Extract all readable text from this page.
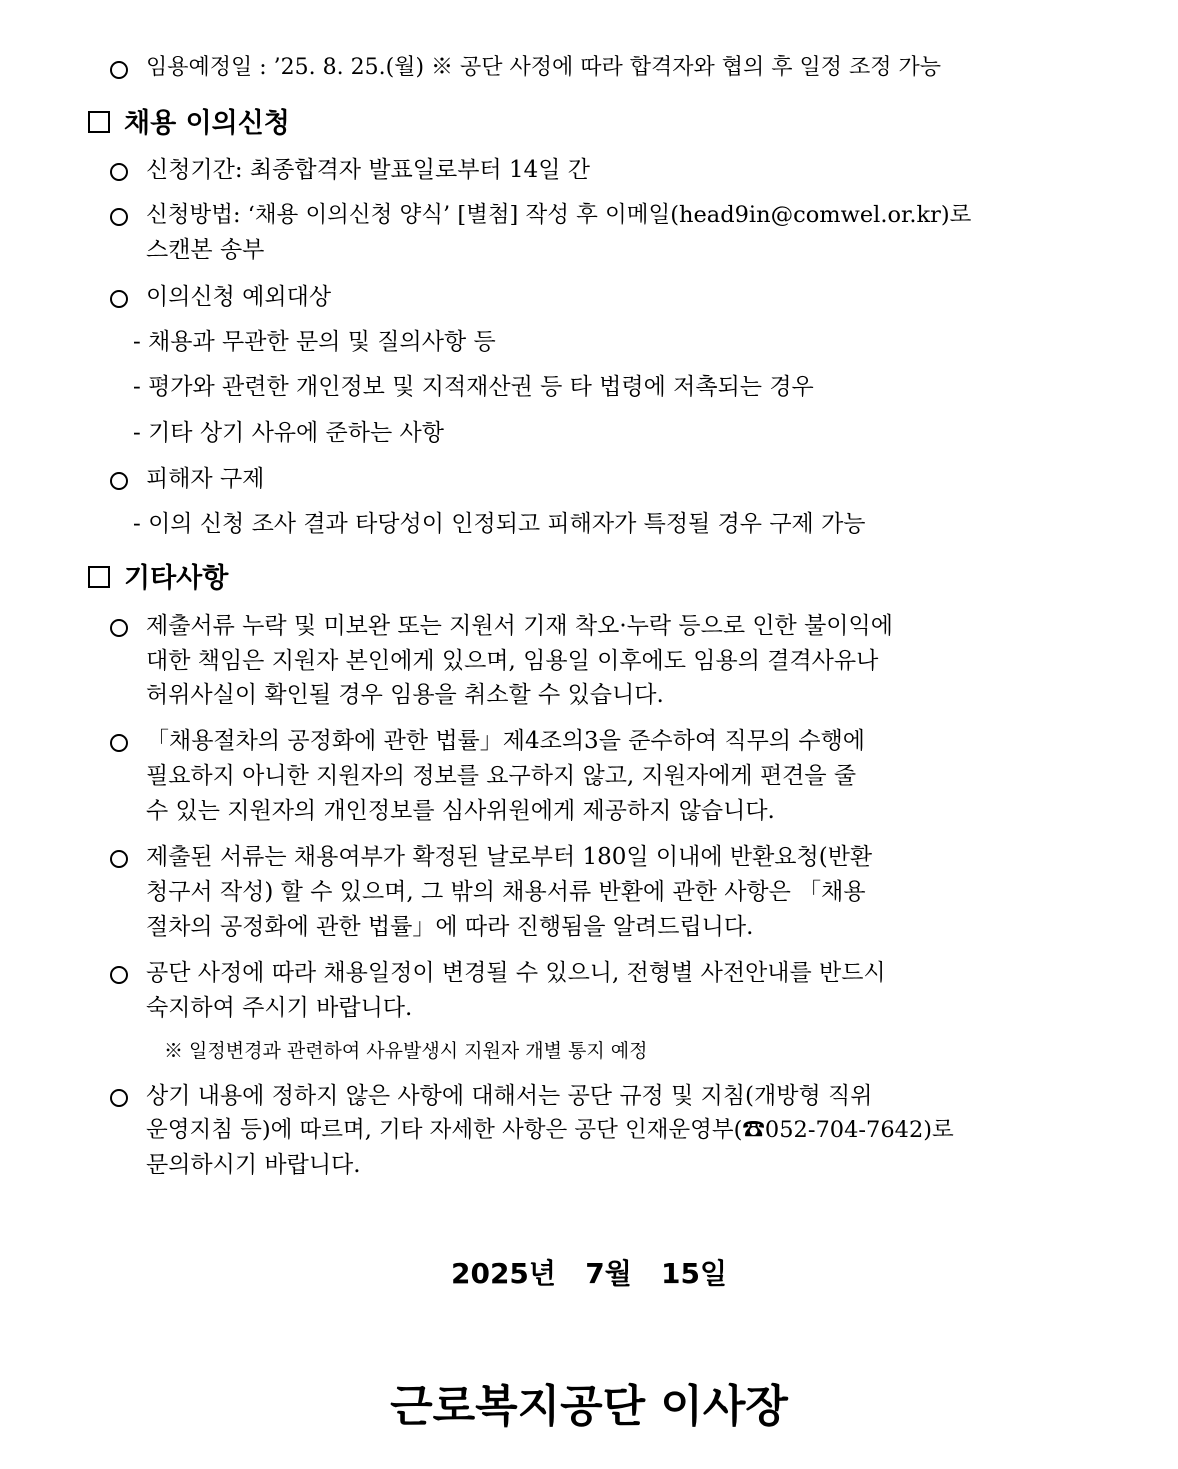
임용예정일 : ’25. 8. 25.(월) ※ 공단 사정에 따라 합격자와 협의 후 일정 조정 가능
채용 이의신청
신청기간: 최종합격자 발표일로부터 14일 간
신청방법: ‘채용 이의신청 양식’ [별첨] 작성 후 이메일(head9in@comwel.or.kr)로
스캔본 송부
이의신청 예외대상
- 채용과 무관한 문의 및 질의사항 등
- 평가와 관련한 개인정보 및 지적재산권 등 타 법령에 저촉되는 경우
- 기타 상기 사유에 준하는 사항
피해자 구제
- 이의 신청 조사 결과 타당성이 인정되고 피해자가 특정될 경우 구제 가능
기타사항
제출서류 누락 및 미보완 또는 지원서 기재 착오·누락 등으로 인한 불이익에
대한 책임은 지원자 본인에게 있으며, 임용일 이후에도 임용의 결격사유나
허위사실이 확인될 경우 임용을 취소할 수 있습니다.
「채용절차의 공정화에 관한 법률」제4조의3을 준수하여 직무의 수행에
필요하지 아니한 지원자의 정보를 요구하지 않고, 지원자에게 편견을 줄
수 있는 지원자의 개인정보를 심사위원에게 제공하지 않습니다.
제출된 서류는 채용여부가 확정된 날로부터 180일 이내에 반환요청(반환
청구서 작성) 할 수 있으며, 그 밖의 채용서류 반환에 관한 사항은 「채용
절차의 공정화에 관한 법률」에 따라 진행됨을 알려드립니다.
공단 사정에 따라 채용일정이 변경될 수 있으니, 전형별 사전안내를 반드시
숙지하여 주시기 바랍니다.
※ 일정변경과 관련하여 사유발생시 지원자 개별 통지 예정
상기 내용에 정하지 않은 사항에 대해서는 공단 규정 및 지침(개방형 직위
운영지침 등)에 따르며, 기타 자세한 사항은 공단 인재운영부(☎052-704-7642)로
문의하시기 바랍니다.
2025년   7월   15일
근로복지공단 이사장
